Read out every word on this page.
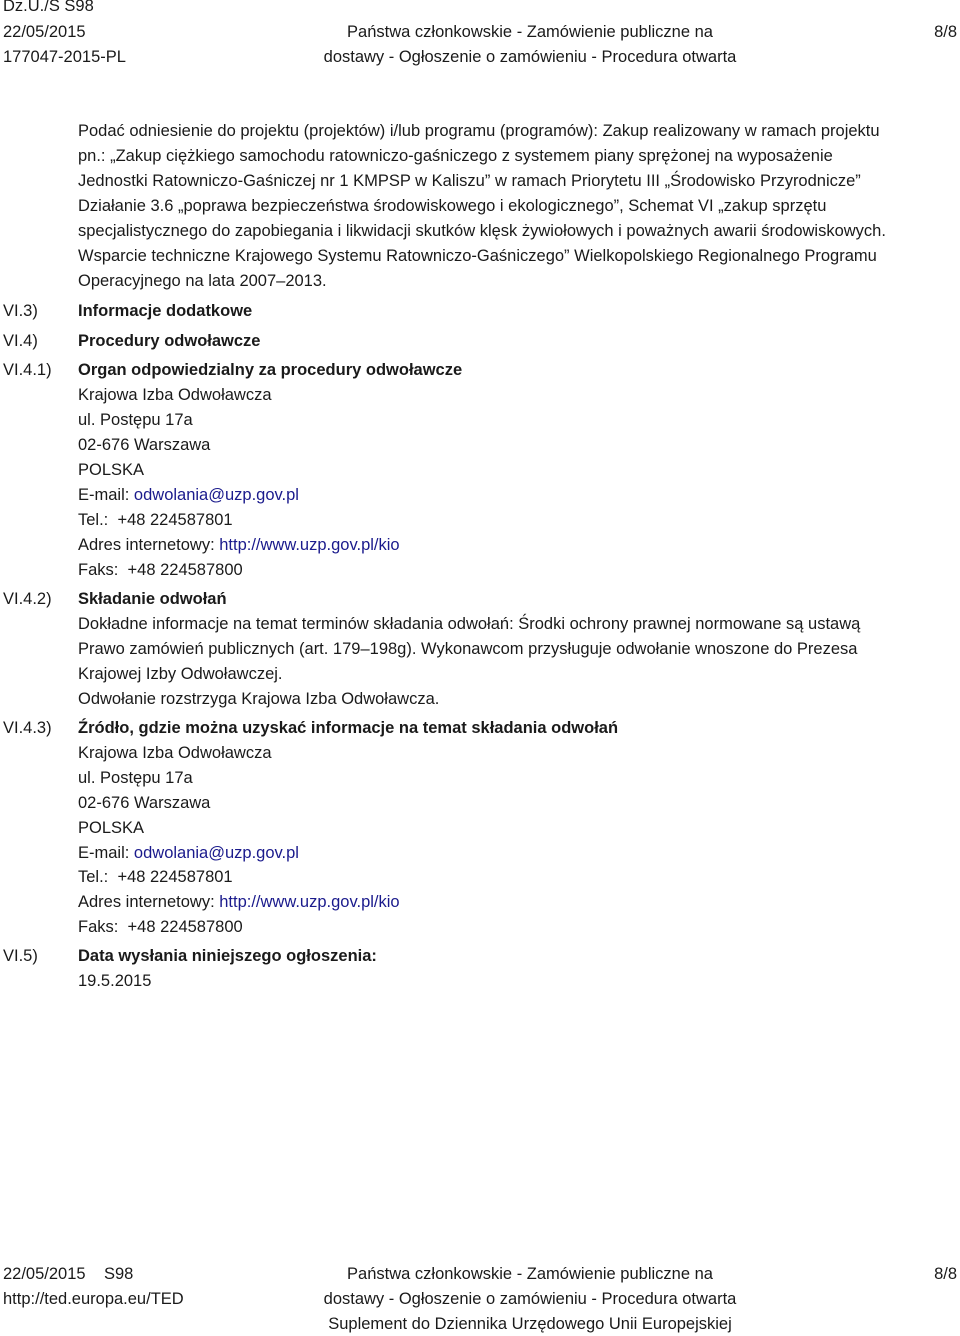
Dz.U./S S98
22/05/2015
177047-2015-PL
Państwa członkowskie - Zamówienie publiczne na
dostawy - Ogłoszenie o zamówieniu - Procedura otwarta
8/8
Podać odniesienie do projektu (projektów) i/lub programu (programów): Zakup realizowany w ramach projektu
pn.: „Zakup ciężkiego samochodu ratowniczo-gaśniczego z systemem piany sprężonej na wyposażenie
Jednostki Ratowniczo-Gaśniczej nr 1 KMPSP w Kaliszu” w ramach Priorytetu III „Środowisko Przyrodnicze”
Działanie 3.6 „poprawa bezpieczeństwa środowiskowego i ekologicznego”, Schemat VI „zakup sprzętu
specjalistycznego do zapobiegania i likwidacji skutków klęsk żywiołowych i poważnych awarii środowiskowych.
Wsparcie techniczne Krajowego Systemu Ratowniczo-Gaśniczego” Wielkopolskiego Regionalnego Programu
Operacyjnego na lata 2007–2013.
VI.3) Informacje dodatkowe
VI.4) Procedury odwoławcze
VI.4.1) Organ odpowiedzialny za procedury odwoławcze
Krajowa Izba Odwoławcza
ul. Postępu 17a
02-676 Warszawa
POLSKA
E-mail: odwolania@uzp.gov.pl
Tel.: +48 224587801
Adres internetowy: http://www.uzp.gov.pl/kio
Faks: +48 224587800
VI.4.2) Składanie odwołań
Dokładne informacje na temat terminów składania odwołań: Środki ochrony prawnej normowane są ustawą
Prawo zamówień publicznych (art. 179–198g). Wykonawcom przysługuje odwołanie wnoszone do Prezesa
Krajowej Izby Odwoławczej.
Odwołanie rozstrzyga Krajowa Izba Odwoławcza.
VI.4.3) Źródło, gdzie można uzyskać informacje na temat składania odwołań
Krajowa Izba Odwoławcza
ul. Postępu 17a
02-676 Warszawa
POLSKA
E-mail: odwolania@uzp.gov.pl
Tel.: +48 224587801
Adres internetowy: http://www.uzp.gov.pl/kio
Faks: +48 224587800
VI.5) Data wysłania niniejszego ogłoszenia:
19.5.2015
22/05/2015 S98
http://ted.europa.eu/TED
Państwa członkowskie - Zamówienie publiczne na
dostawy - Ogłoszenie o zamówieniu - Procedura otwarta
Suplement do Dziennika Urzędowego Unii Europejskiej
8/8
